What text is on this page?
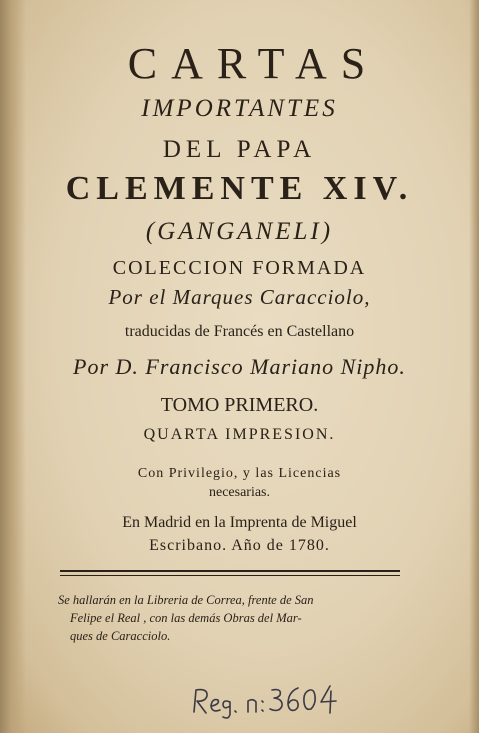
CARTAS
IMPORTANTES
DEL PAPA
CLEMENTE XIV.
(GANGANELI)
COLECCION FORMADA
Por el Marques Caracciolo,
traducidas de Francés en Castellano
Por D. Francisco Mariano Nipho.
TOMO PRIMERO.
QUARTA IMPRESION.
Con Privilegio, y las Licencias
necesarias.
En Madrid en la Imprenta de Miguel
Escribano. Año de 1780.
Se hallarán en la Libreria de Correa, frente de San
Felipe el Real , con las demás Obras del Mar-
ques de Caracciolo.
